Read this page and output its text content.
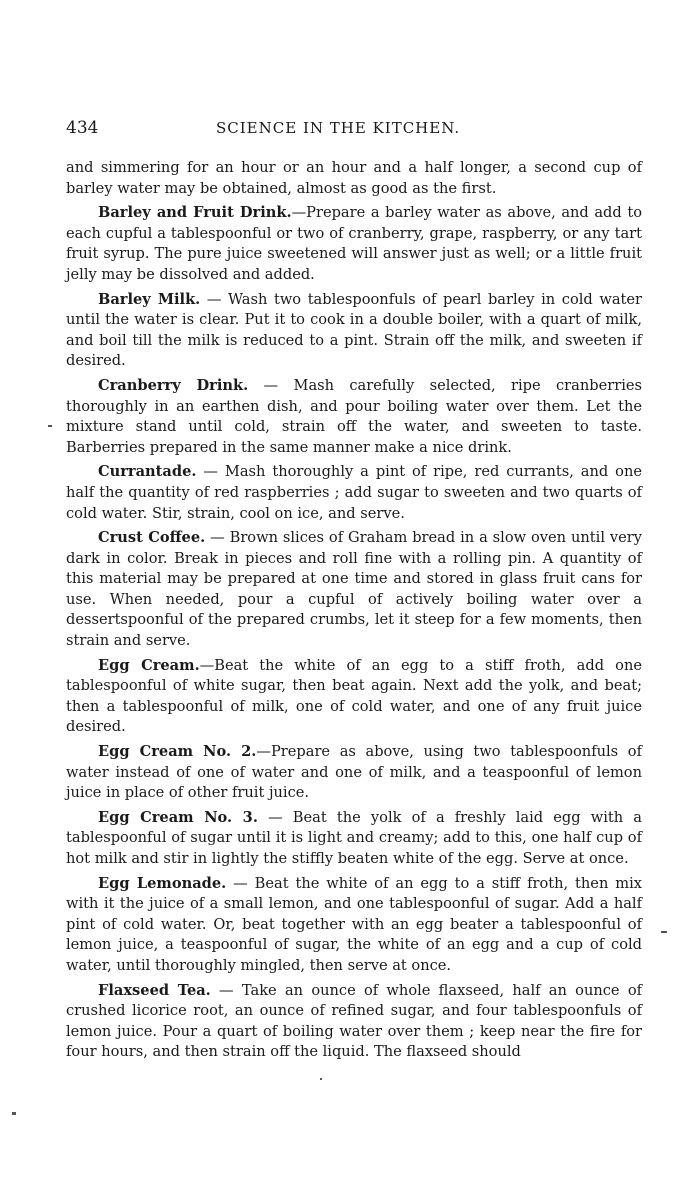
434	SCIENCE IN THE KITCHEN.

and simmering for an hour or an hour and a half longer, a second cup of barley water may be obtained, almost as good as the first.

Barley and Fruit Drink.—Prepare a barley water as above, and add to each cupful a tablespoonful or two of cranberry, grape, raspberry, or any tart fruit syrup. The pure juice sweetened will answer just as well; or a little fruit jelly may be dissolved and added.

Barley Milk. — Wash two tablespoonfuls of pearl barley in cold water until the water is clear. Put it to cook in a double boiler, with a quart of milk, and boil till the milk is reduced to a pint. Strain off the milk, and sweeten if desired.

Cranberry Drink. — Mash carefully selected, ripe cranberries thoroughly in an earthen dish, and pour boiling water over them. Let the mixture stand until cold, strain off the water, and sweeten to taste. Barberries prepared in the same manner make a nice drink.

Currantade. — Mash thoroughly a pint of ripe, red currants, and one half the quantity of red raspberries ; add sugar to sweeten and two quarts of cold water. Stir, strain, cool on ice, and serve.

Crust Coffee. — Brown slices of Graham bread in a slow oven until very dark in color. Break in pieces and roll fine with a rolling pin. A quantity of this material may be prepared at one time and stored in glass fruit cans for use. When needed, pour a cupful of actively boiling water over a dessertspoonful of the prepared crumbs, let it steep for a few moments, then strain and serve.

Egg Cream.—Beat the white of an egg to a stiff froth, add one tablespoonful of white sugar, then beat again. Next add the yolk, and beat; then a tablespoonful of milk, one of cold water, and one of any fruit juice desired.

Egg Cream No. 2.—Prepare as above, using two tablespoonfuls of water instead of one of water and one of milk, and a teaspoonful of lemon juice in place of other fruit juice.

Egg Cream No. 3. — Beat the yolk of a freshly laid egg with a tablespoonful of sugar until it is light and creamy; add to this, one half cup of hot milk and stir in lightly the stiffly beaten white of the egg. Serve at once.

Egg Lemonade. — Beat the white of an egg to a stiff froth, then mix with it the juice of a small lemon, and one tablespoonful of sugar. Add a half pint of cold water. Or, beat together with an egg beater a tablespoonful of lemon juice, a teaspoonful of sugar, the white of an egg and a cup of cold water, until thoroughly mingled, then serve at once.

Flaxseed Tea. — Take an ounce of whole flaxseed, half an ounce of crushed licorice root, an ounce of refined sugar, and four tablespoonfuls of lemon juice. Pour a quart of boiling water over them ; keep near the fire for four hours, and then strain off the liquid. The flaxseed should
